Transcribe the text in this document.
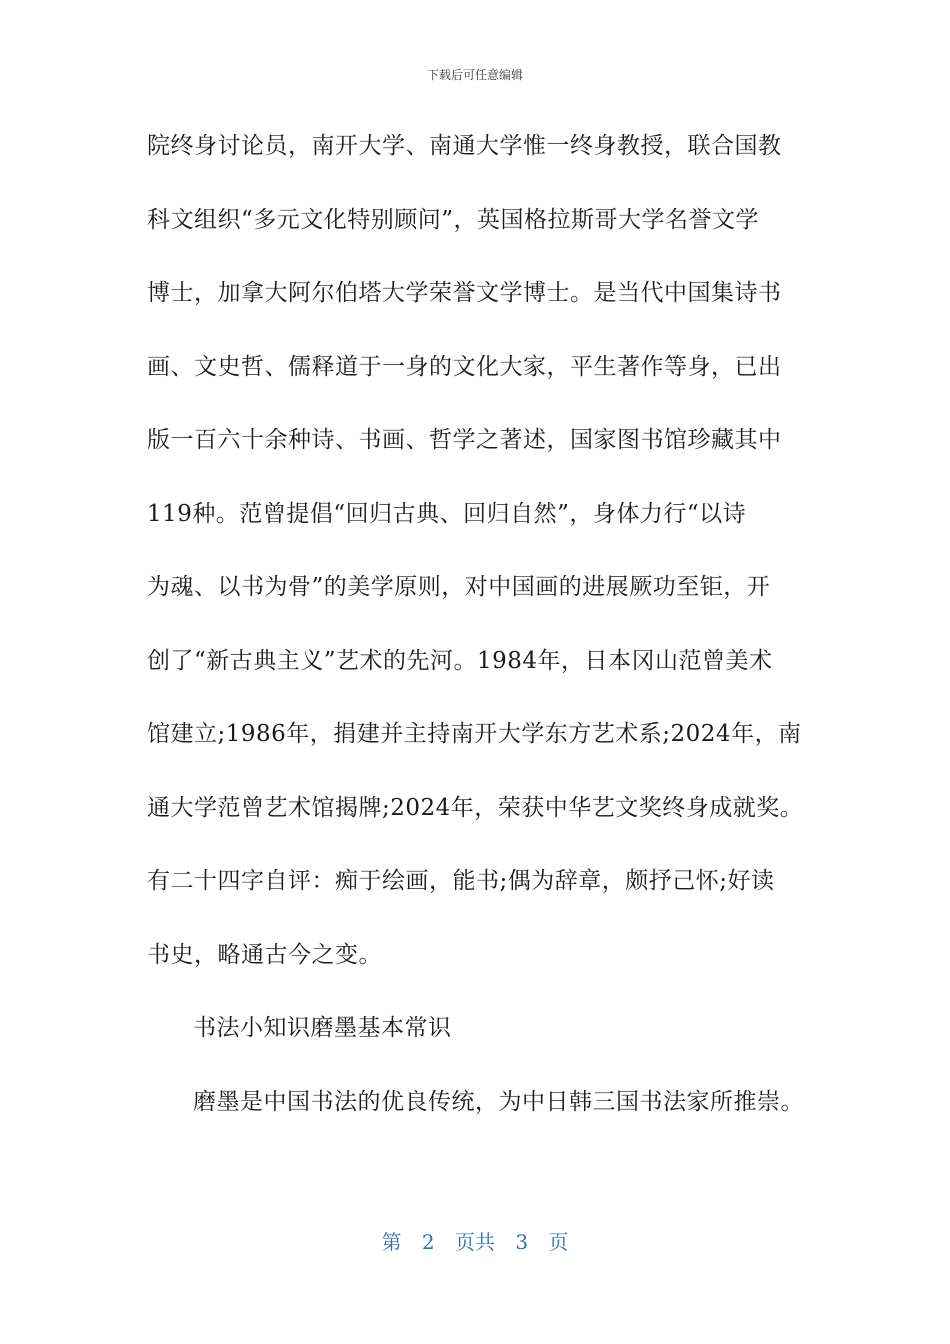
下载后可任意编辑
院终身讨论员，南开大学、南通大学惟一终身教授，联合国教
科文组织“多元文化特别顾问”，英国格拉斯哥大学名誉文学
博士，加拿大阿尔伯塔大学荣誉文学博士。是当代中国集诗书
画、文史哲、儒释道于一身的文化大家，平生著作等身，已出
版一百六十余种诗、书画、哲学之著述，国家图书馆珍藏其中
119种。范曾提倡“回归古典、回归自然”，身体力行“以诗
为魂、以书为骨”的美学原则，对中国画的进展厥功至钜，开
创了“新古典主义”艺术的先河。1984年，日本冈山范曾美术
馆建立;1986年，捐建并主持南开大学东方艺术系;2024年，南
通大学范曾艺术馆揭牌;2024年，荣获中华艺文奖终身成就奖。
有二十四字自评：痴于绘画，能书;偶为辞章，颇抒己怀;好读
书史，略通古今之变。
书法小知识磨墨基本常识
磨墨是中国书法的优良传统，为中日韩三国书法家所推崇。
第 2 页共 3 页
